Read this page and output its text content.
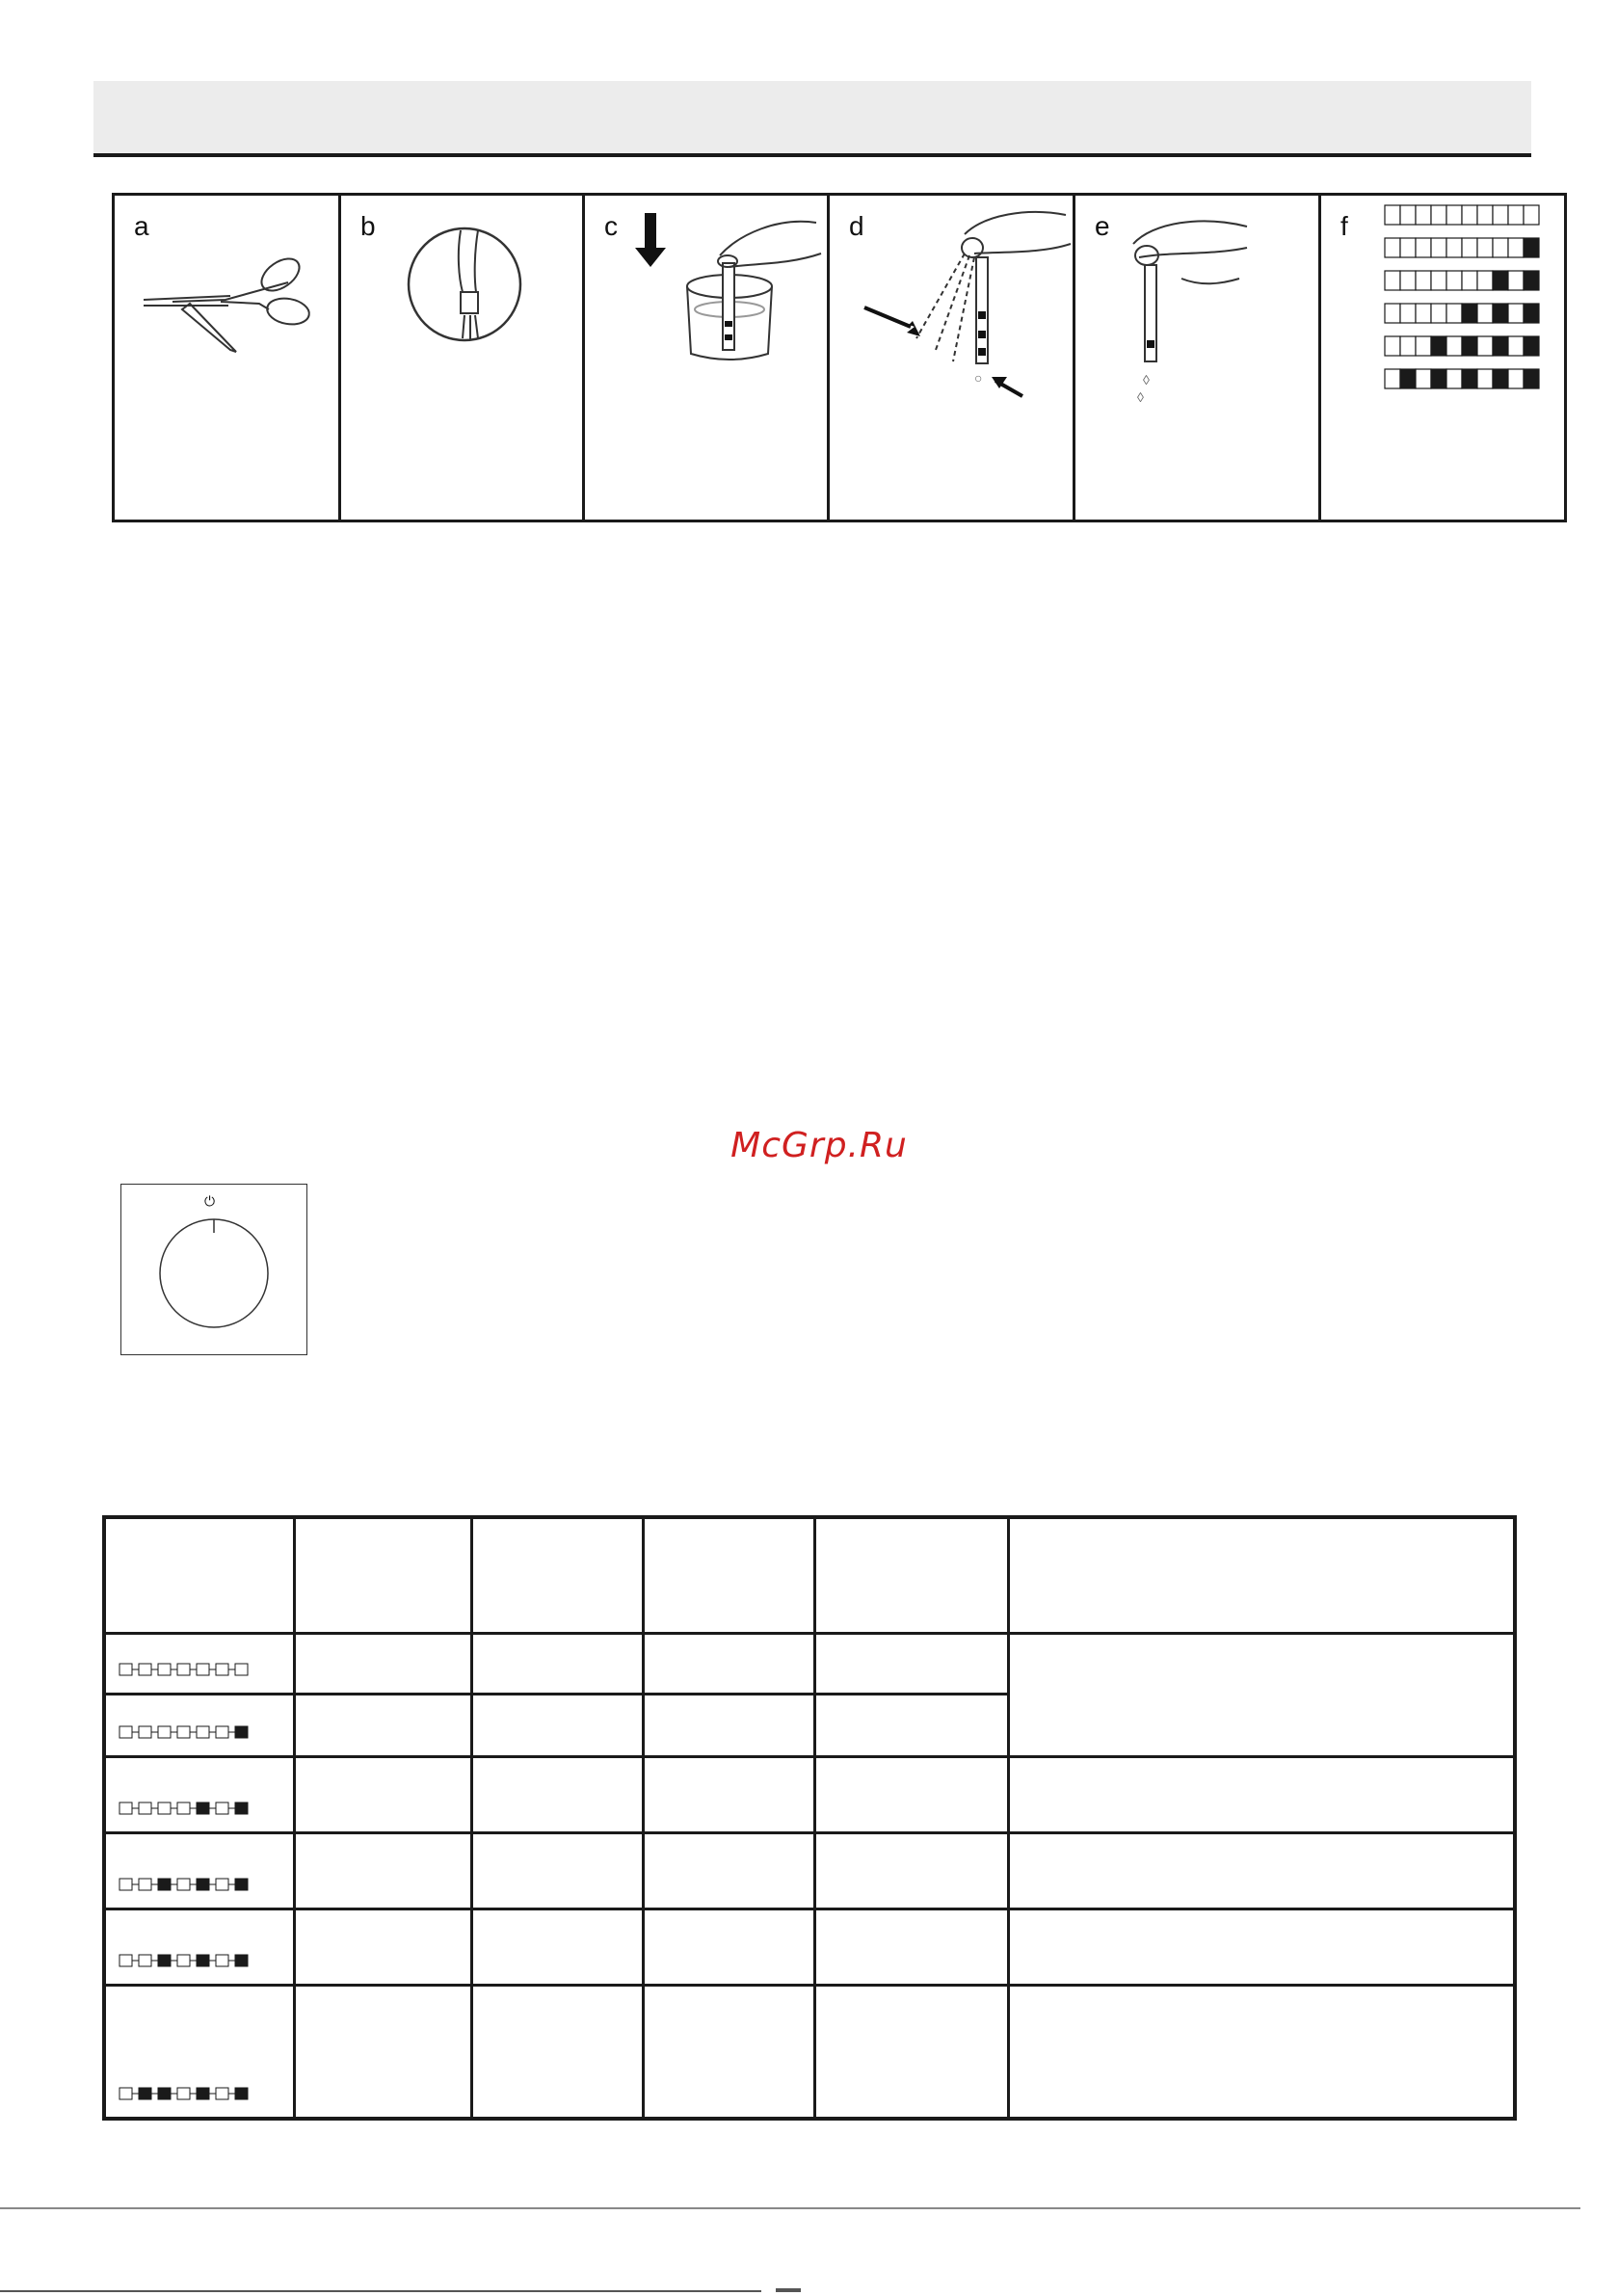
a	b	c
○
d
◊
◊
e	f
McGrp.Ru
⏻
